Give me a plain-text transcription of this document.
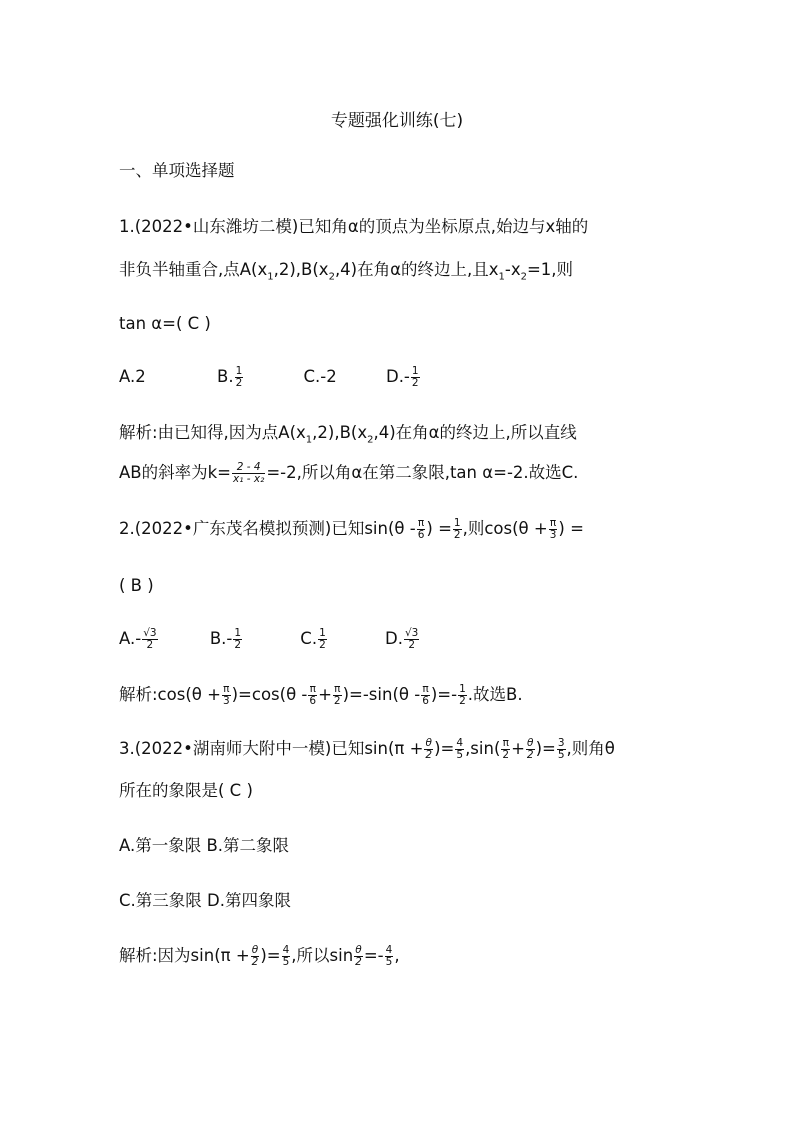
专题强化训练(七)
一、单项选择题
1.(2022•山东潍坊二模)已知角α的顶点为坐标原点,始边与x轴的
非负半轴重合,点$A(x_1,2),B(x_2,4)$在角α的终边上,且$x_1-x_2=1$,则
tan α=( C )
A.2	B. $\frac{1}{2}$	C.-2	$D.- \frac{1}{2}$
解析:由已知得,因为点$A(x_1,2),B(x_2,4)$在角α的终边上,所以直线
AB的斜率为$k= \frac{2 - 4}{\text{x₁ - x₂}} =-2$,所以角α在第二象限,tan α=-2.故选C.
2.(2022•广东茂名模拟预测)已知$\sin(\theta - \frac{\pi}{6}$ ) = $\frac{1}{2}$ ,则$\cos(\theta + \frac{\pi}{3}$ ) =
( B )
$A.- \frac{√3}{2}$	$B.- \frac{1}{2}$	C. $\frac{1}{2}$	D. $\frac{√3}{2}$
解析:cos(θ + $\frac{\pi}{3} )=\cos(\theta - \frac{\pi}{6} + \frac{\pi}{2} )=-\sin(\theta - \frac{\pi}{6}$ )=- $\frac{1}{2}$ .故选B.
3.(2022•湖南师大附中一模)已知$\sin(\pi + \frac{\theta}{2}$ )= $\frac{4}{5} ,\sin( \frac{\pi}{2} + \frac{\theta}{2}$ )= $\frac{3}{5}$ ,则角θ
所在的象限是( C )
A.第一象限 B.第二象限
C.第三象限 D.第四象限
解析:因为$\sin(\pi + \frac{\theta}{2}$ )= $\frac{4}{5}$ ,所以$\sin \frac{\theta}{2} =- \frac{4}{5}$ ,
